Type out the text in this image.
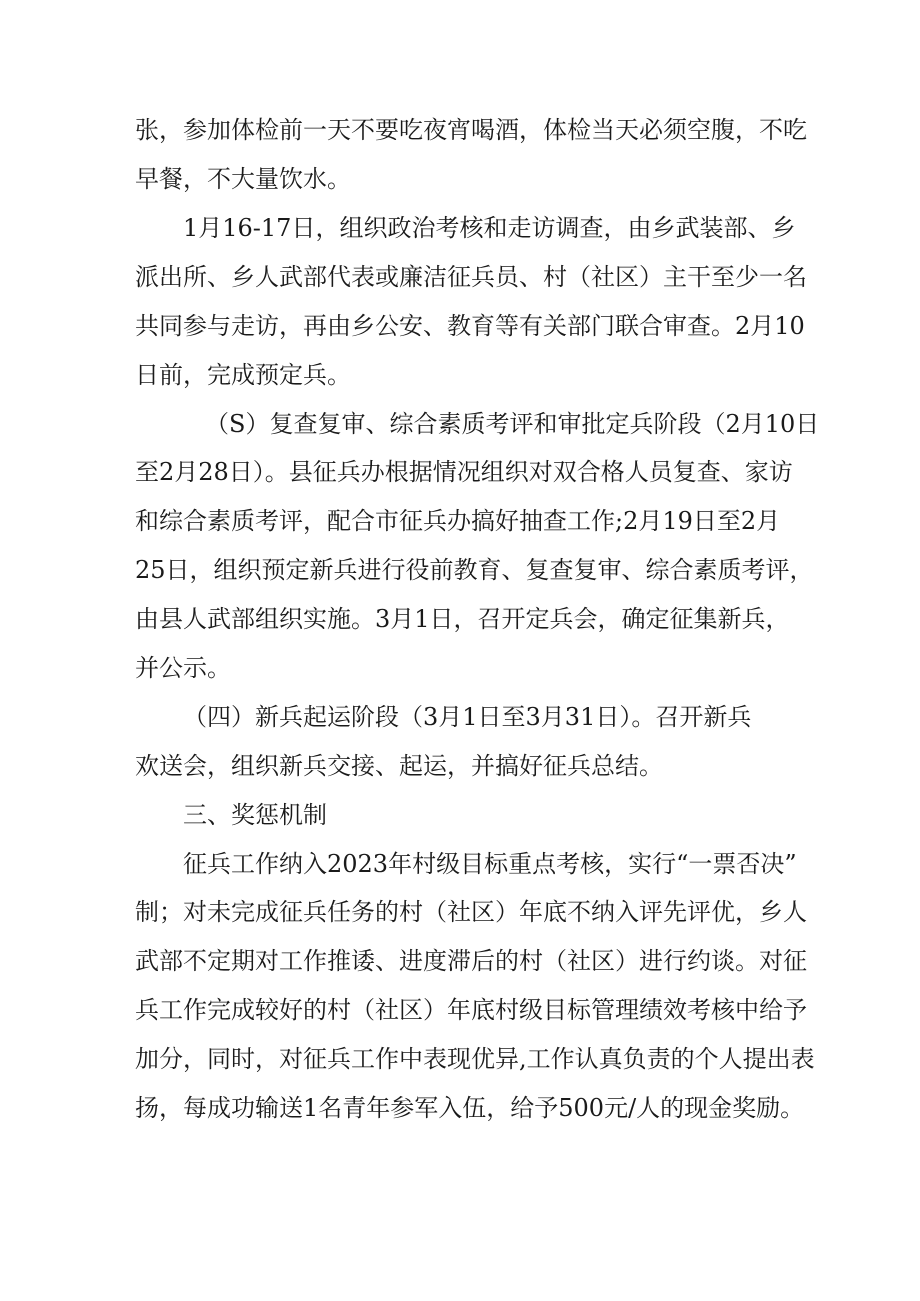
张，参加体检前一天不要吃夜宵喝酒，体检当天必须空腹，不吃
早餐，不大量饮水。
1月16-17日，组织政治考核和走访调查，由乡武装部、乡
派出所、乡人武部代表或廉洁征兵员、村（社区）主干至少一名
共同参与走访，再由乡公安、教育等有关部门联合审查。2月10
日前，完成预定兵。
（S）复查复审、综合素质考评和审批定兵阶段（2月10日
至2月28日）。县征兵办根据情况组织对双合格人员复查、家访
和综合素质考评，配合市征兵办搞好抽查工作;2月19日至2月
25日，组织预定新兵进行役前教育、复查复审、综合素质考评，
由县人武部组织实施。3月1日，召开定兵会，确定征集新兵，
并公示。
（四）新兵起运阶段（3月1日至3月31日）。召开新兵
欢送会，组织新兵交接、起运，并搞好征兵总结。
三、奖惩机制
征兵工作纳入2023年村级目标重点考核，实行“一票否决”
制；对未完成征兵任务的村（社区）年底不纳入评先评优，乡人
武部不定期对工作推诿、进度滞后的村（社区）进行约谈。对征
兵工作完成较好的村（社区）年底村级目标管理绩效考核中给予
加分，同时，对征兵工作中表现优异,工作认真负责的个人提出表
扬，每成功输送1名青年参军入伍，给予500元/人的现金奖励。
